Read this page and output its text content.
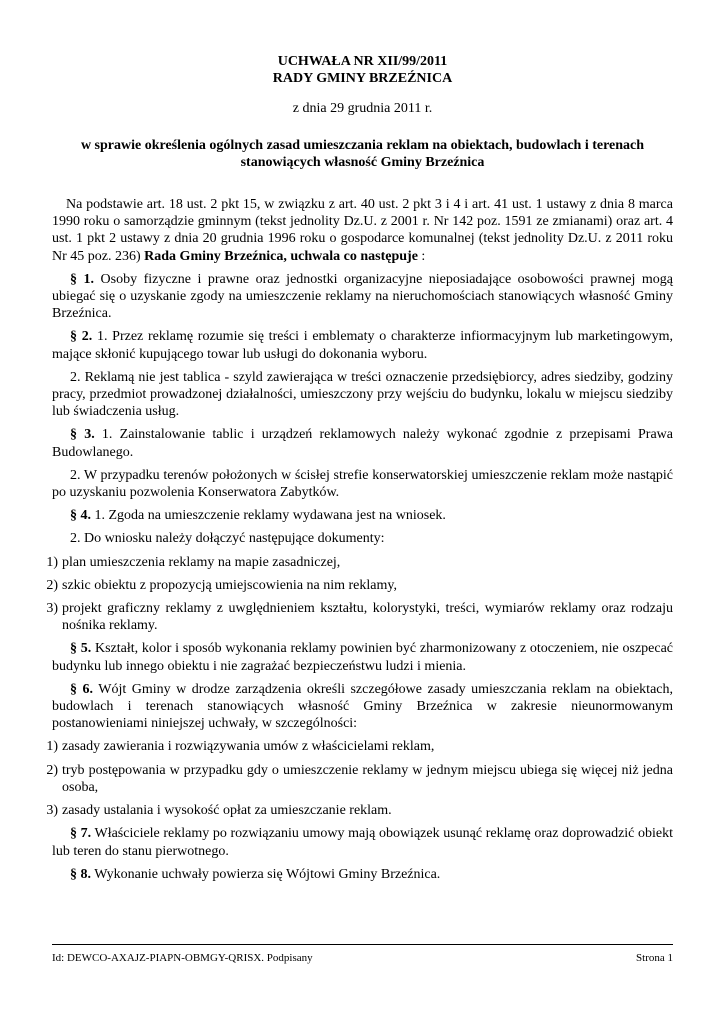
UCHWAŁA NR XII/99/2011
RADY GMINY BRZEŹNICA
z dnia 29 grudnia 2011 r.
w sprawie określenia ogólnych zasad umieszczania reklam na obiektach, budowlach i terenach stanowiących własność Gminy Brzeźnica

Na podstawie art. 18 ust. 2 pkt 15, w związku z art. 40 ust. 2 pkt 3 i 4 i art. 41 ust. 1 ustawy z dnia 8 marca 1990 roku o samorządzie gminnym (tekst jednolity Dz.U. z 2001 r. Nr 142 poz. 1591 ze zmianami) oraz art. 4 ust. 1 pkt 2 ustawy z dnia 20 grudnia 1996 roku o gospodarce komunalnej (tekst jednolity Dz.U. z 2011 roku Nr 45 poz. 236) Rada Gminy Brzeźnica, uchwala co następuje :

§ 1. Osoby fizyczne i prawne oraz jednostki organizacyjne nieposiadające osobowości prawnej mogą ubiegać się o uzyskanie zgody na umieszczenie reklamy na nieruchomościach stanowiących własność Gminy Brzeźnica.

§ 2. 1. Przez reklamę rozumie się treści i emblematy o charakterze infiormacyjnym lub marketingowym, mające skłonić kupującego towar lub usługi do dokonania wyboru.

2. Reklamą nie jest tablica - szyld zawierająca w treści oznaczenie przedsiębiorcy, adres siedziby, godziny pracy, przedmiot prowadzonej działalności, umieszczony przy wejściu do budynku, lokalu w miejscu siedziby lub świadczenia usług.

§ 3. 1. Zainstalowanie tablic i urządzeń reklamowych należy wykonać zgodnie z przepisami Prawa Budowlanego.

2. W przypadku terenów położonych w ścisłej strefie konserwatorskiej umieszczenie reklam może nastąpić po uzyskaniu pozwolenia Konserwatora Zabytków.

§ 4. 1. Zgoda na umieszczenie reklamy wydawana jest na wniosek.

2. Do wniosku należy dołączyć następujące dokumenty:

1) plan umieszczenia reklamy na mapie zasadniczej,
2) szkic obiektu z propozycją umiejscowienia na nim reklamy,
3) projekt graficzny reklamy z uwględnieniem kształtu, kolorystyki, treści, wymiarów reklamy oraz rodzaju nośnika reklamy.

§ 5. Kształt, kolor i sposób wykonania reklamy powinien być zharmonizowany z otoczeniem, nie oszpecać budynku lub innego obiektu i nie zagrażać bezpieczeństwu ludzi i mienia.

§ 6. Wójt Gminy w drodze zarządzenia określi szczegółowe zasady umieszczania reklam na obiektach, budowlach i terenach stanowiących własność Gminy Brzeźnica w zakresie nieunormowanym postanowieniami niniejszej uchwały, w szczególności:

1) zasady zawierania i rozwiązywania umów z właścicielami reklam,
2) tryb postępowania w przypadku gdy o umieszczenie reklamy w jednym miejscu ubiega się więcej niż jedna osoba,
3) zasady ustalania i wysokość opłat za umieszczanie reklam.

§ 7. Właściciele reklamy po rozwiązaniu umowy mają obowiązek usunąć reklamę oraz doprowadzić obiekt lub teren do stanu pierwotnego.

§ 8. Wykonanie uchwały powierza się Wójtowi Gminy Brzeźnica.

Id: DEWCO-AXAJZ-PIAPN-OBMGY-QRISX. Podpisany	Strona 1
